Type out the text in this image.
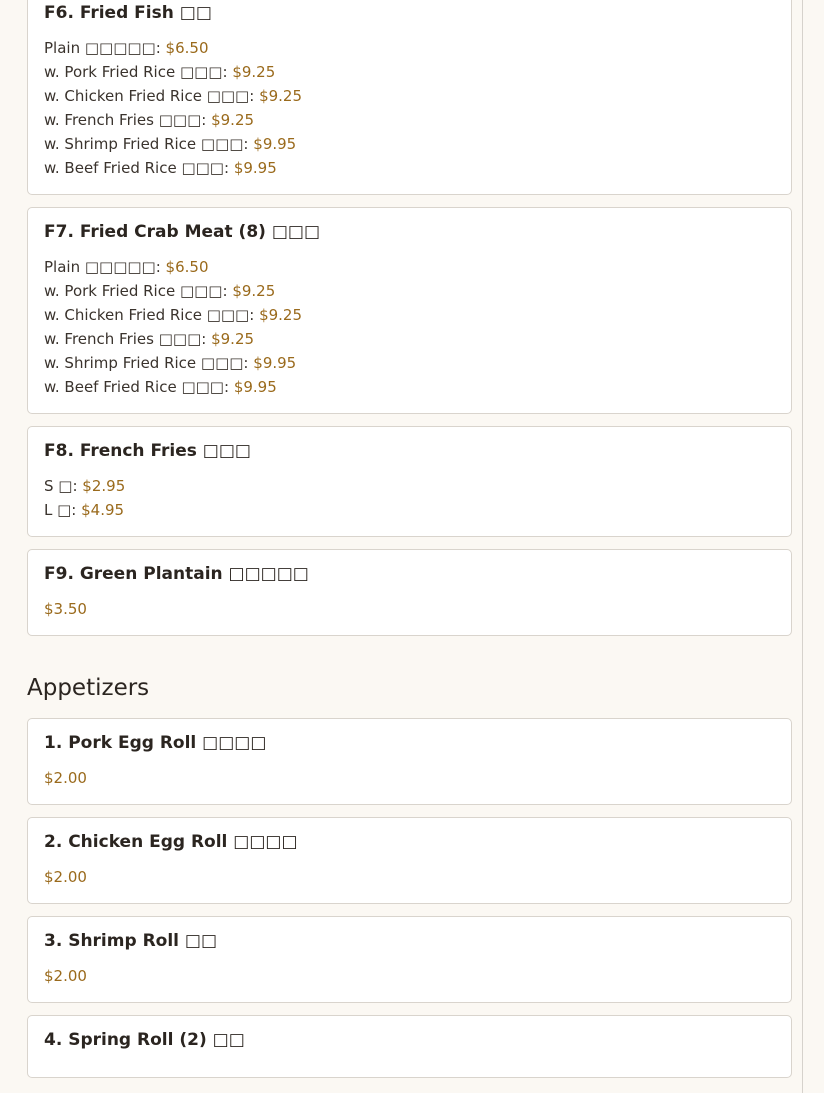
F6. Fried Fish □□
Plain □□□□□: $6.50
w. Pork Fried Rice □□□: $9.25
w. Chicken Fried Rice □□□: $9.25
w. French Fries □□□: $9.25
w. Shrimp Fried Rice □□□: $9.95
w. Beef Fried Rice □□□: $9.95
F7. Fried Crab Meat (8) □□□
Plain □□□□□: $6.50
w. Pork Fried Rice □□□: $9.25
w. Chicken Fried Rice □□□: $9.25
w. French Fries □□□: $9.25
w. Shrimp Fried Rice □□□: $9.95
w. Beef Fried Rice □□□: $9.95
F8. French Fries □□□
S □: $2.95
L □: $4.95
F9. Green Plantain □□□□□
$3.50
Appetizers
1. Pork Egg Roll □□□□
$2.00
2. Chicken Egg Roll □□□□
$2.00
3. Shrimp Roll □□
$2.00
4. Spring Roll (2) □□
